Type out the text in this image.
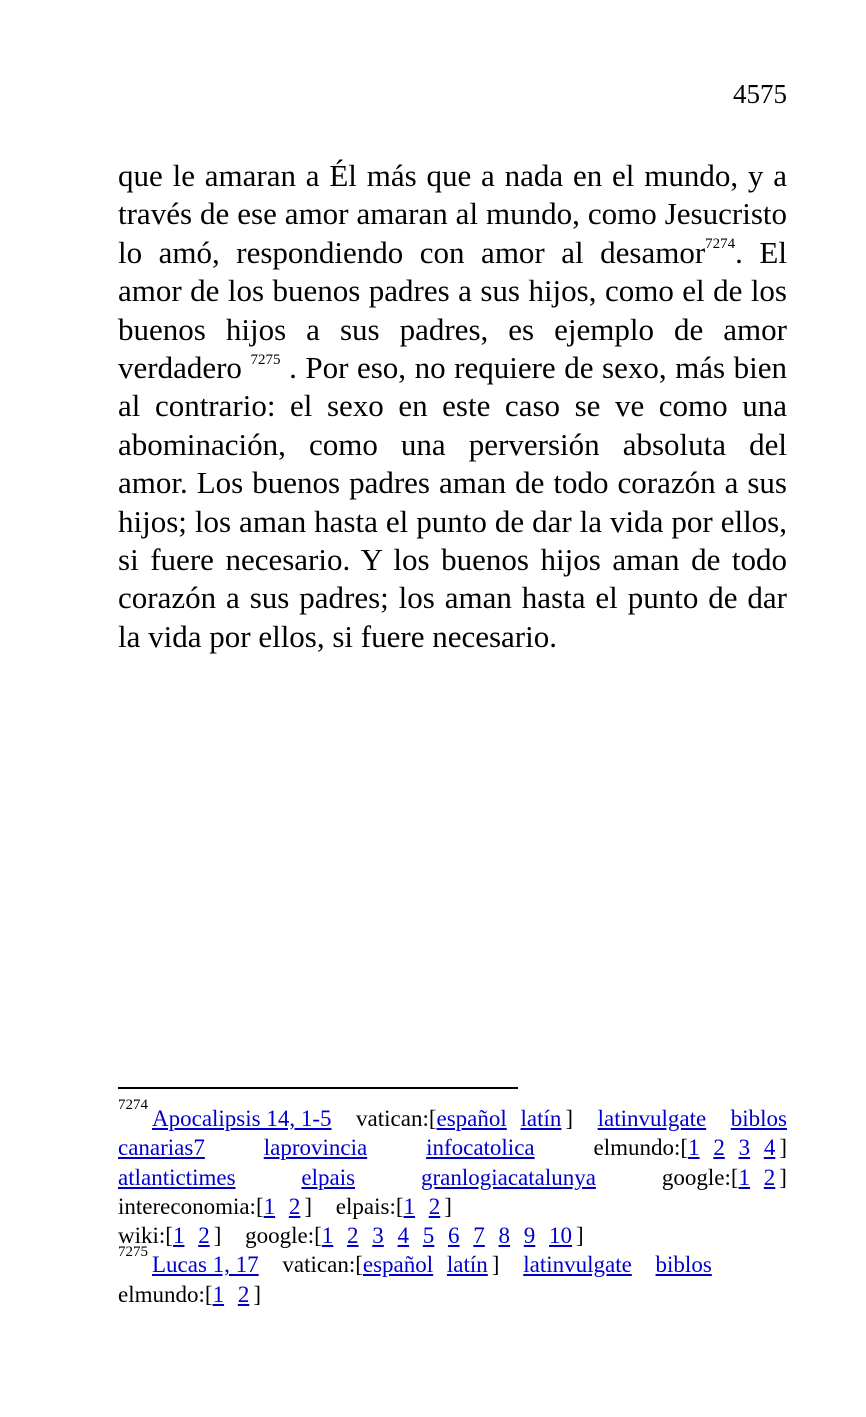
4575

que le amaran a Él más que a nada en el mundo, y a través de ese amor amaran al mundo, como Jesucristo lo amó, respondiendo con amor al desamor$^{7274}$. El amor de los buenos padres a sus hijos, como el de los buenos hijos a sus padres, es ejemplo de amor verdadero $^{7275}$ . Por eso, no requiere de sexo, más bien al contrario: el sexo en este caso se ve como una abominación, como una perversión absoluta del amor. Los buenos padres aman de todo corazón a sus hijos; los aman hasta el punto de dar la vida por ellos, si fuere necesario. Y los buenos hijos aman de todo corazón a sus padres; los aman hasta el punto de dar la vida por ellos, si fuere necesario.

$^{7274}$Apocalipsis 14, 1-5 vatican:[español latín ] latinvulgate biblos
canarias7	laprovincia	infocatolica	elmundo:[1 2 3 4 ]
atlantictimes	elpais	granlogiacatalunya	google:[1 2 ]
intereconomia:[1 2 ] elpais:[1 2 ]
wiki:[1 2 ] google:[1 2 3 4 5 6 7 8 9 10 ]
$^{7275}$Lucas 1, 17 vatican:[español latín ] latinvulgate biblos
elmundo:[1 2 ]
